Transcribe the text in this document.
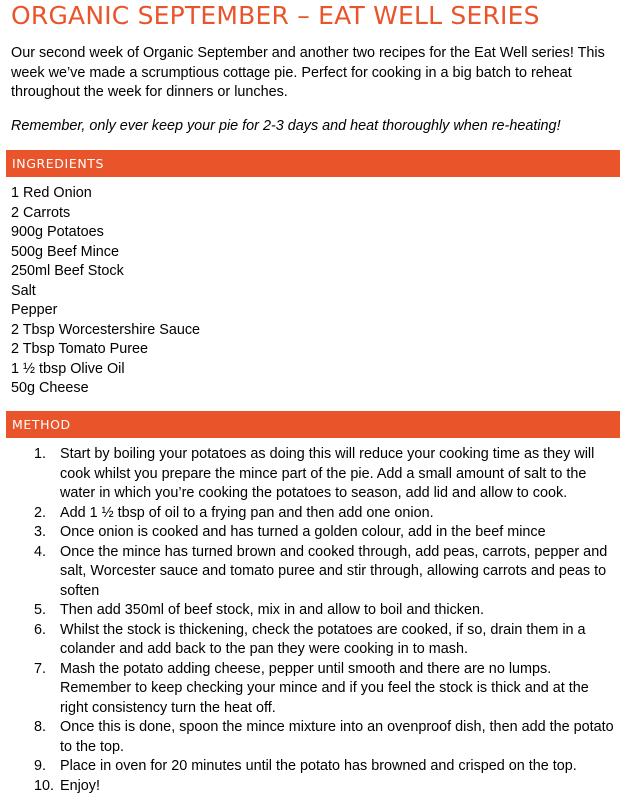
ORGANIC SEPTEMBER – EAT WELL SERIES
Our second week of Organic September and another two recipes for the Eat Well series! This week we’ve made a scrumptious cottage pie. Perfect for cooking in a big batch to reheat throughout the week for dinners or lunches.
Remember, only ever keep your pie for 2-3 days and heat thoroughly when re-heating!
INGREDIENTS
1 Red Onion
2 Carrots
900g Potatoes
500g Beef Mince
250ml Beef Stock
Salt
Pepper
2 Tbsp Worcestershire Sauce
2 Tbsp Tomato Puree
1 ½ tbsp Olive Oil
50g Cheese
METHOD
1. Start by boiling your potatoes as doing this will reduce your cooking time as they will cook whilst you prepare the mince part of the pie. Add a small amount of salt to the water in which you’re cooking the potatoes to season, add lid and allow to cook.
2. Add 1 ½ tbsp of oil to a frying pan and then add one onion.
3. Once onion is cooked and has turned a golden colour, add in the beef mince
4. Once the mince has turned brown and cooked through, add peas, carrots, pepper and salt, Worcester sauce and tomato puree and stir through, allowing carrots and peas to soften
5. Then add 350ml of beef stock, mix in and allow to boil and thicken.
6. Whilst the stock is thickening, check the potatoes are cooked, if so, drain them in a colander and add back to the pan they were cooking in to mash.
7. Mash the potato adding cheese, pepper until smooth and there are no lumps. Remember to keep checking your mince and if you feel the stock is thick and at the right consistency turn the heat off.
8. Once this is done, spoon the mince mixture into an ovenproof dish, then add the potato to the top.
9. Place in oven for 20 minutes until the potato has browned and crisped on the top.
10. Enjoy!
